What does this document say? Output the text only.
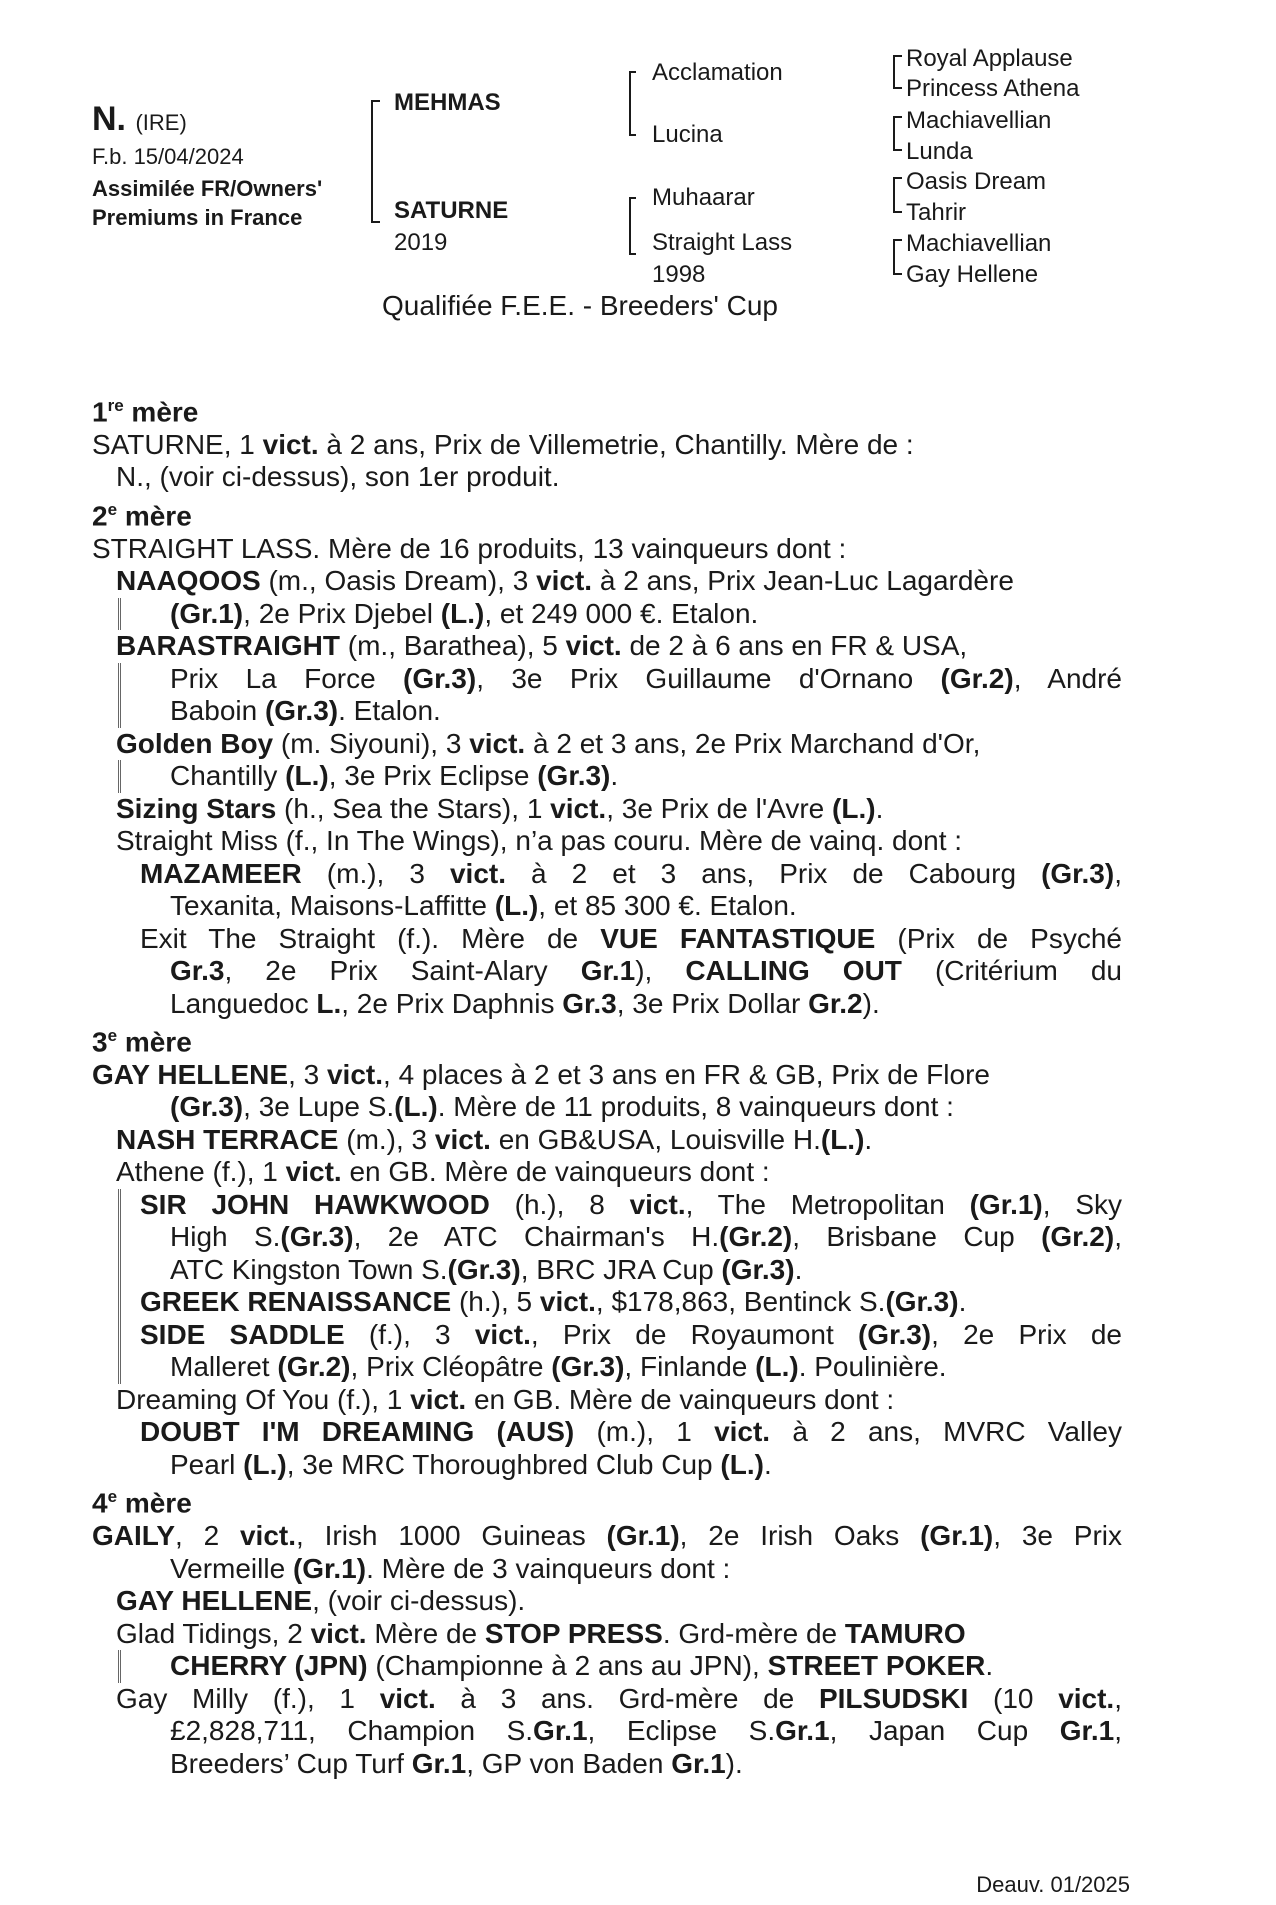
N. (IRE)
F.b. 15/04/2024
Assimilée FR/Owners'
Premiums in France
MEHMAS
SATURNE
2019
Acclamation
Lucina
Muhaarar
Straight Lass
1998
Royal Applause
Princess Athena
Machiavellian
Lunda
Oasis Dream
Tahrir
Machiavellian
Gay Hellene
Qualifiée F.E.E. - Breeders' Cup
1re mère
SATURNE, 1 vict. à 2 ans, Prix de Villemetrie, Chantilly. Mère de :
N., (voir ci-dessus), son 1er produit.
2e mère
STRAIGHT LASS. Mère de 16 produits, 13 vainqueurs dont :
NAAQOOS (m., Oasis Dream), 3 vict. à 2 ans, Prix Jean-Luc Lagardère
(Gr.1), 2e Prix Djebel (L.), et 249 000 €. Etalon.
BARASTRAIGHT (m., Barathea), 5 vict. de 2 à 6 ans en FR & USA,
Prix La Force (Gr.3), 3e Prix Guillaume d'Ornano (Gr.2), André
Baboin (Gr.3). Etalon.
Golden Boy (m. Siyouni), 3 vict. à 2 et 3 ans, 2e Prix Marchand d'Or,
Chantilly (L.), 3e Prix Eclipse (Gr.3).
Sizing Stars (h., Sea the Stars), 1 vict., 3e Prix de l'Avre (L.).
Straight Miss (f., In The Wings), n’a pas couru. Mère de vainq. dont :
MAZAMEER (m.), 3 vict. à 2 et 3 ans, Prix de Cabourg (Gr.3),
Texanita, Maisons-Laffitte (L.), et 85 300 €. Etalon.
Exit The Straight (f.). Mère de VUE FANTASTIQUE (Prix de Psyché
Gr.3, 2e Prix Saint-Alary Gr.1), CALLING OUT (Critérium du
Languedoc L., 2e Prix Daphnis Gr.3, 3e Prix Dollar Gr.2).
3e mère
GAY HELLENE, 3 vict., 4 places à 2 et 3 ans en FR & GB, Prix de Flore
(Gr.3), 3e Lupe S.(L.). Mère de 11 produits, 8 vainqueurs dont :
NASH TERRACE (m.), 3 vict. en GB&USA, Louisville H.(L.).
Athene (f.), 1 vict. en GB. Mère de vainqueurs dont :
SIR JOHN HAWKWOOD (h.), 8 vict., The Metropolitan (Gr.1), Sky
High S.(Gr.3), 2e ATC Chairman's H.(Gr.2), Brisbane Cup (Gr.2),
ATC Kingston Town S.(Gr.3), BRC JRA Cup (Gr.3).
GREEK RENAISSANCE (h.), 5 vict., $178,863, Bentinck S.(Gr.3).
SIDE SADDLE (f.), 3 vict., Prix de Royaumont (Gr.3), 2e Prix de
Malleret (Gr.2), Prix Cléopâtre (Gr.3), Finlande (L.). Poulinière.
Dreaming Of You (f.), 1 vict. en GB. Mère de vainqueurs dont :
DOUBT I'M DREAMING (AUS) (m.), 1 vict. à 2 ans, MVRC Valley
Pearl (L.), 3e MRC Thoroughbred Club Cup (L.).
4e mère
GAILY, 2 vict., Irish 1000 Guineas (Gr.1), 2e Irish Oaks (Gr.1), 3e Prix
Vermeille (Gr.1). Mère de 3 vainqueurs dont :
GAY HELLENE, (voir ci-dessus).
Glad Tidings, 2 vict. Mère de STOP PRESS. Grd-mère de TAMURO
CHERRY (JPN) (Championne à 2 ans au JPN), STREET POKER.
Gay Milly (f.), 1 vict. à 3 ans. Grd-mère de PILSUDSKI (10 vict.,
£2,828,711, Champion S.Gr.1, Eclipse S.Gr.1, Japan Cup Gr.1,
Breeders’ Cup Turf Gr.1, GP von Baden Gr.1).
Deauv. 01/2025
